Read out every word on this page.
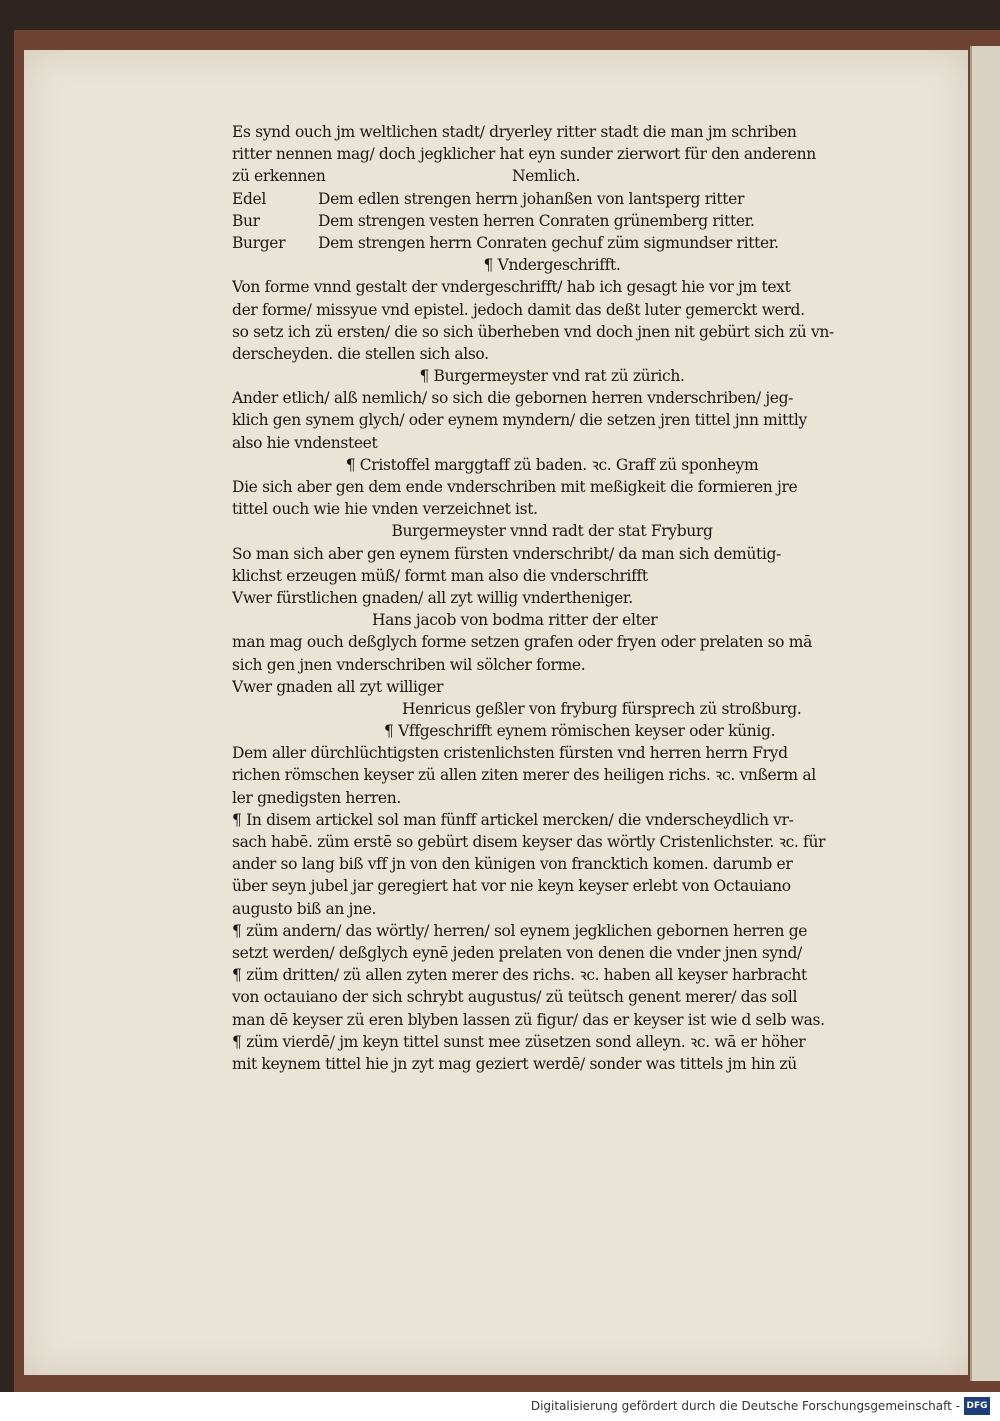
Es synd ouch jm weltlichen stadt/ dryerley ritter stadt die man jm schriben
ritter nennen mag/ doch jegklicher hat eyn sunder zierwort für den anderenn
zü erkennen	Nemlich.
Edel	Dem edlen strengen herrn johanßen von lantsperg ritter
Bur	Dem strengen vesten herren Conraten grünemberg ritter.
Burger Dem strengen herrn Conraten gechuf züm sigmundser ritter.
¶ Vndergeschrifft.
Von forme vnnd gestalt der vndergeschrifft/ hab ich gesagt hie vor jm text
der forme/ missyue vnd epistel. jedoch damit das deßt luter gemerckt werd.
so setz ich zü ersten/ die so sich überheben vnd doch jnen nit gebürt sich zü vn-
derscheyden. die stellen sich also.
¶ Burgermeyster vnd rat zü zürich.
Ander etlich/ alß nemlich/ so sich die gebornen herren vnderschriben/ jeg-
klich gen synem glych/ oder eynem myndern/ die setzen jren tittel jnn mittly
also hie vndensteet
¶ Cristoffel marggtaff zü baden. ꝛc. Graff zü sponheym
Die sich aber gen dem ende vnderschriben mit meßigkeit die formieren jre
tittel ouch wie hie vnden verzeichnet ist.
Burgermeyster vnnd radt der stat Fryburg
So man sich aber gen eynem fürsten vnderschribt/ da man sich demütig-
klichst erzeugen müß/ formt man also die vnderschrifft
Vwer fürstlichen gnaden/ all zyt willig vndertheniger.
Hans jacob von bodma ritter der elter
man mag ouch deßglych forme setzen grafen oder fryen oder prelaten so mā
sich gen jnen vnderschriben wil sölcher forme.
Vwer gnaden all zyt williger
Henricus geßler von fryburg fürsprech zü stroßburg.
¶ Vffgeschrifft eynem römischen keyser oder künig.
Dem aller dürchlüchtigsten cristenlichsten fürsten vnd herren herrn Fryd
richen römschen keyser zü allen ziten merer des heiligen richs. ꝛc. vnßerm al
ler gnedigsten herren.
¶ In disem artickel sol man fünff artickel mercken/ die vnderscheydlich vr-
sach habē. züm erstē so gebürt disem keyser das wörtly Cristenlichster. ꝛc. für
ander so lang biß vff jn von den künigen von francktich komen. darumb er
über seyn jubel jar geregiert hat vor nie keyn keyser erlebt von Octauiano
augusto biß an jne.
¶ züm andern/ das wörtly/ herren/ sol eynem jegklichen gebornen herren ge
setzt werden/ deßglych eynē jeden prelaten von denen die vnder jnen synd/
¶ züm dritten/ zü allen zyten merer des richs. ꝛc. haben all keyser harbracht
von octauiano der sich schrybt augustus/ zü teütsch genent merer/ das soll
man dē keyser zü eren blyben lassen zü figur/ das er keyser ist wie d selb was.
¶ züm vierdē/ jm keyn tittel sunst mee züsetzen sond alleyn. ꝛc. wā er höher
mit keynem tittel hie jn zyt mag geziert werdē/ sonder was tittels jm hin zü
Digitalisierung gefördert durch die Deutsche Forschungsgemeinschaft - DFG
